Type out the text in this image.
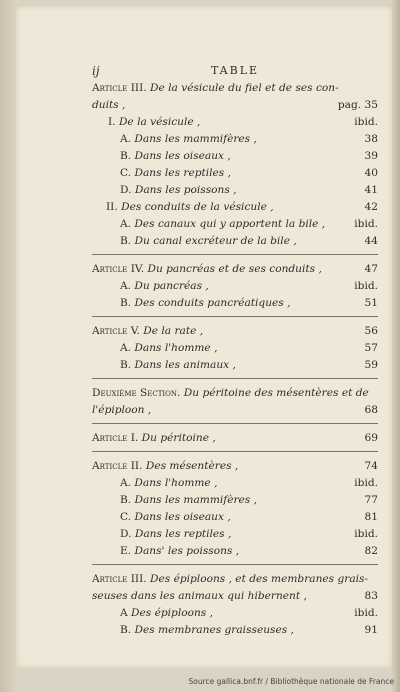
ij	TABLE
Article III. De la vésicule du fiel et de ses con-
duits ,	pag. 35
I. De la vésicule ,	ibid.
A. Dans les mammifères ,	38
B. Dans les oiseaux ,	39
C. Dans les reptiles ,	40
D. Dans les poissons ,	41
II. Des conduits de la vésicule ,	42
A. Des canaux qui y apportent la bile ,	ibid.
B. Du canal excréteur de la bile ,	44
Article IV. Du pancréas et de ses conduits ,	47
A. Du pancréas ,	ibid.
B. Des conduits pancréatiques ,	51
Article V. De la rate ,	56
A. Dans l'homme ,	57
B. Dans les animaux ,	59
Deuxième Section. Du péritoine des mésentères et de
l'épiploon ,	68
Article I. Du péritoine ,	69
Article II. Des mésentères ,	74
A. Dans l'homme ,	ibid.
B. Dans les mammifères ,	77
C. Dans les oiseaux ,	81
D. Dans les reptiles ,	ibid.
E. Dans' les poissons ,	82
Article III. Des épiploons , et des membranes grais-
seuses dans les animaux qui hibernent ,	83
A Des épiploons ,	ibid.
B. Des membranes graisseuses ,	91
Source gallica.bnf.fr / Bibliothèque nationale de France
